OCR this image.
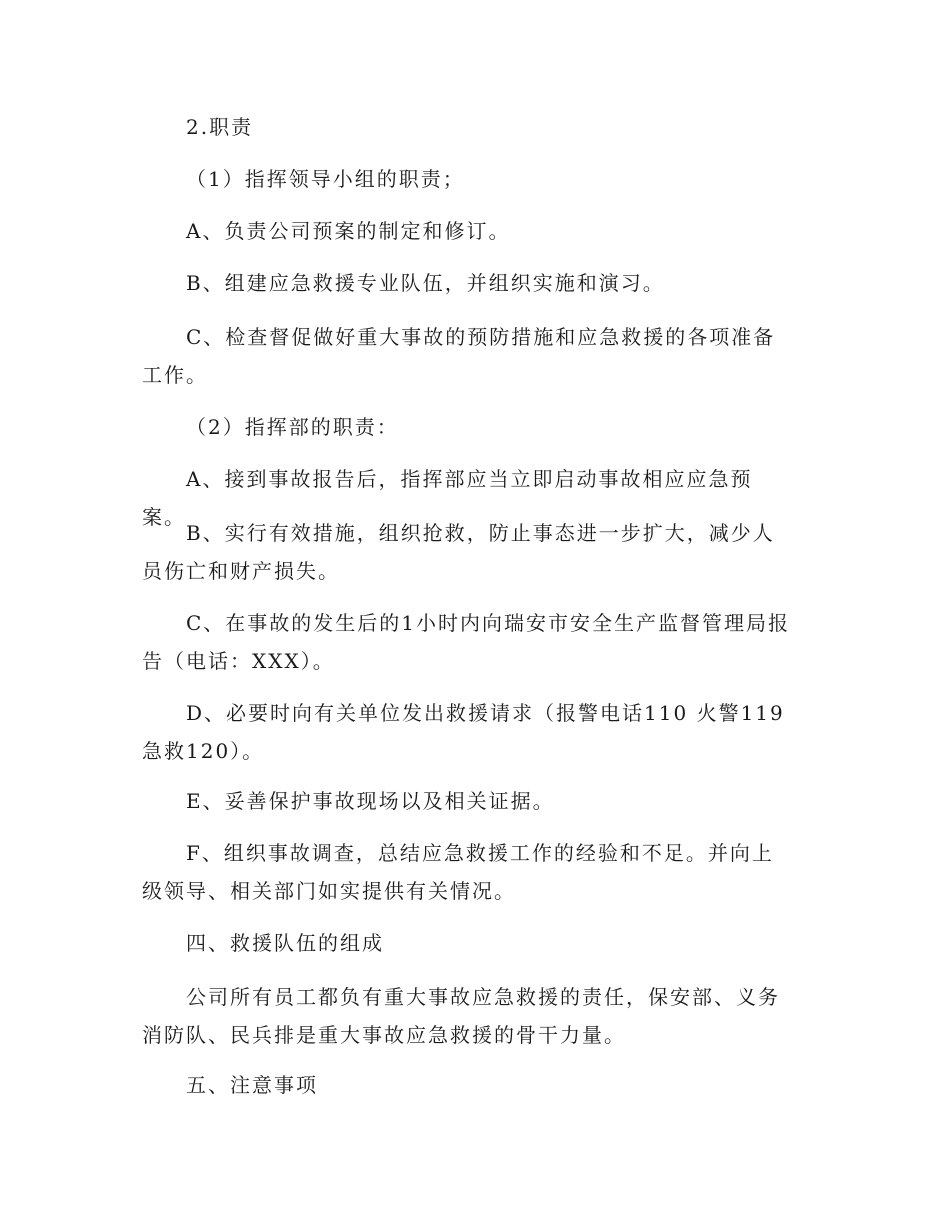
2.职责

（1）指挥领导小组的职责；

A、负责公司预案的制定和修订。

B、组建应急救援专业队伍，并组织实施和演习。

C、检查督促做好重大事故的预防措施和应急救援的各项准备工作。

（2）指挥部的职责：

A、接到事故报告后，指挥部应当立即启动事故相应应急预案。

B、实行有效措施，组织抢救，防止事态进一步扩大，减少人员伤亡和财产损失。

C、在事故的发生后的1小时内向瑞安市安全生产监督管理局报告（电话：XXX）。

D、必要时向有关单位发出救援请求（报警电话110 火警119 急救120）。

E、妥善保护事故现场以及相关证据。

F、组织事故调查，总结应急救援工作的经验和不足。并向上级领导、相关部门如实提供有关情况。

四、救援队伍的组成

公司所有员工都负有重大事故应急救援的责任，保安部、义务消防队、民兵排是重大事故应急救援的骨干力量。

五、注意事项
